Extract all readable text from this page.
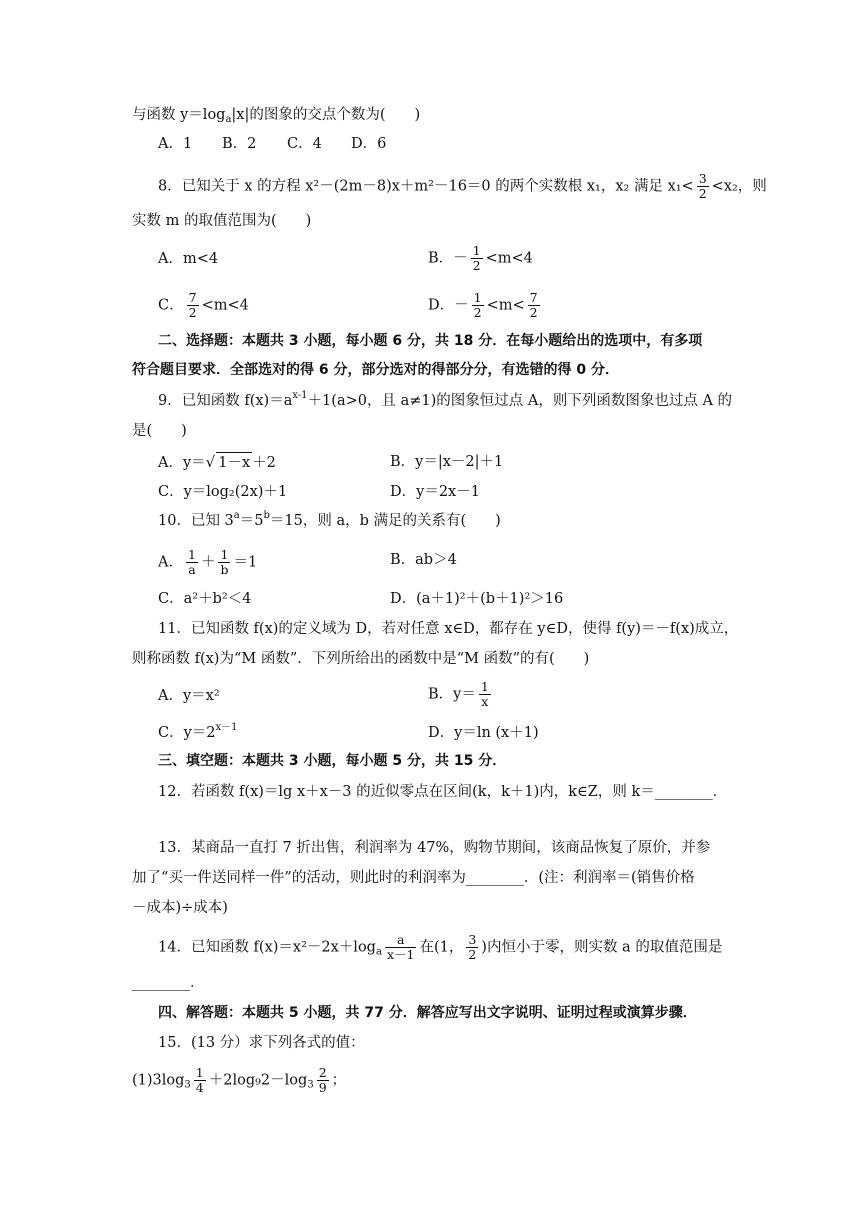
与函数 $y=\log_a|x|$的图象的交点个数为(　　)
A．1 B．2 C．4 D．6
8．已知关于 x 的方程 x²－(2m－8)x＋m²－16＝0 的两个实数根 x₁，x₂ 满足 $x_1< \frac{3}{2} <x_2$，则
实数 m 的取值范围为(　　)
A．m<4	B．－ $\frac{1}{2} <m<4$
C． $\frac{7}{2} <m<4$	D．－ $\frac{1}{2} <m< \frac{7}{2}$
二、选择题：本题共 3 小题，每小题 6 分，共 18 分．在每小题给出的选项中，有多项
符合题目要求．全部选对的得 6 分，部分选对的得部分分，有选错的得 0 分．
9．已知函数 $f(x)=a^{x-1}+1(a>0$，且 a≠1)的图象恒过点 A，则下列函数图象也过点 A 的
是(　　)
A．y＝√ 1－x ＋2	B．y＝|x－2|＋1
C．y＝log₂(2x)＋1	D．y＝2x－1
10．已知 $3^a=5^b=15$，则 a，b 满足的关系有(　　)
A． $\frac{1}{a} + \frac{1}{b} =1$	B．ab＞4
C．a²＋b²＜4	D．(a＋1)²＋(b＋1)²＞16
11．已知函数 f(x)的定义域为 D，若对任意 x∈D，都存在 y∈D，使得 f(y)＝－f(x)成立，
则称函数 f(x)为“M 函数”．下列所给出的函数中是“M 函数”的有(　　)
A．y＝x²	B．$y= \frac{1}{x}$
C．$y=2^{x-1}$	D．y＝ln (x＋1)
三、填空题：本题共 3 小题，每小题 5 分，共 15 分．
12．若函数 f(x)＝lg x＋x－3 的近似零点在区间(k，k＋1)内，k∈Z，则 k＝________．
13．某商品一直打 7 折出售，利润率为 47%，购物节期间，该商品恢复了原价，并参
加了“买一件送同样一件”的活动，则此时的利润率为________．(注：利润率＝(销售价格
－成本)÷成本)
14．已知函数 $f(x)=x^2-2x+\log_a \frac{a}{x-1}$ 在(1， $\frac{3}{2}$ )内恒小于零，则实数 a 的取值范围是
________．
四、解答题：本题共 5 小题，共 77 分．解答应写出文字说明、证明过程或演算步骤．
15．(13 分）求下列各式的值：
$(1)3\log_3 \frac{1}{4} +2\log_92-\log_3 \frac{2}{9}$ ；
